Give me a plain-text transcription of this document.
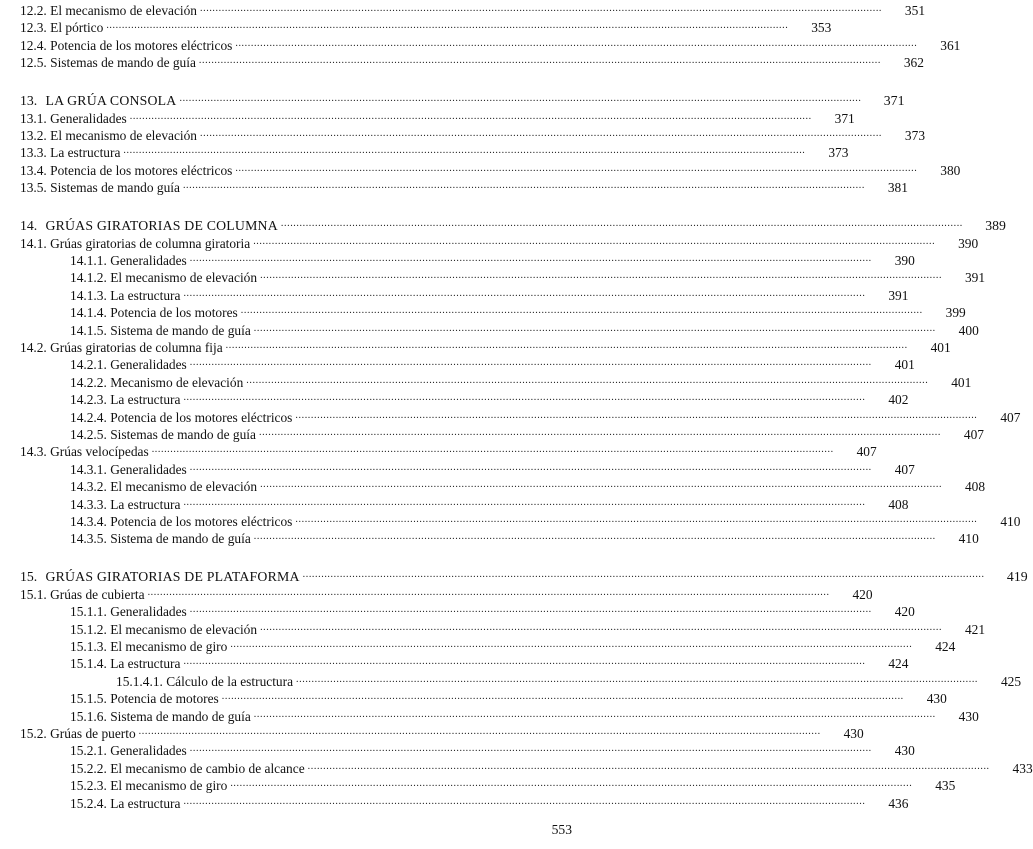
12.2. El mecanismo de elevación ............................................................................................................................................................................................................................	351
12.3. El pórtico ............................................................................................................................................................................................................................	353
12.4. Potencia de los motores eléctricos ............................................................................................................................................................................................................................	361
12.5. Sistemas de mando de guía ............................................................................................................................................................................................................................	362
13. LA GRÚA CONSOLA ............................................................................................................................................................................................................................	371
13.1. Generalidades ............................................................................................................................................................................................................................	371
13.2. El mecanismo de elevación ............................................................................................................................................................................................................................	373
13.3. La estructura ............................................................................................................................................................................................................................	373
13.4. Potencia de los motores eléctricos ............................................................................................................................................................................................................................	380
13.5. Sistemas de mando guía ............................................................................................................................................................................................................................	381
14. GRÚAS GIRATORIAS DE COLUMNA ............................................................................................................................................................................................................................	389
14.1. Grúas giratorias de columna giratoria ............................................................................................................................................................................................................................	390
14.1.1. Generalidades ............................................................................................................................................................................................................................	390
14.1.2. El mecanismo de elevación ............................................................................................................................................................................................................................	391
14.1.3. La estructura ............................................................................................................................................................................................................................	391
14.1.4. Potencia de los motores ............................................................................................................................................................................................................................	399
14.1.5. Sistema de mando de guía ............................................................................................................................................................................................................................	400
14.2. Grúas giratorias de columna fija ............................................................................................................................................................................................................................	401
14.2.1. Generalidades ............................................................................................................................................................................................................................	401
14.2.2. Mecanismo de elevación ............................................................................................................................................................................................................................	401
14.2.3. La estructura ............................................................................................................................................................................................................................	402
14.2.4. Potencia de los motores eléctricos ............................................................................................................................................................................................................................	407
14.2.5. Sistemas de mando de guía ............................................................................................................................................................................................................................	407
14.3. Grúas velocípedas ............................................................................................................................................................................................................................	407
14.3.1. Generalidades ............................................................................................................................................................................................................................	407
14.3.2. El mecanismo de elevación ............................................................................................................................................................................................................................	408
14.3.3. La estructura ............................................................................................................................................................................................................................	408
14.3.4. Potencia de los motores eléctricos ............................................................................................................................................................................................................................	410
14.3.5. Sistema de mando de guía ............................................................................................................................................................................................................................	410
15. GRÚAS GIRATORIAS DE PLATAFORMA ............................................................................................................................................................................................................................	419
15.1. Grúas de cubierta ............................................................................................................................................................................................................................	420
15.1.1. Generalidades ............................................................................................................................................................................................................................	420
15.1.2. El mecanismo de elevación ............................................................................................................................................................................................................................	421
15.1.3. El mecanismo de giro ............................................................................................................................................................................................................................	424
15.1.4. La estructura ............................................................................................................................................................................................................................	424
15.1.4.1. Cálculo de la estructura ............................................................................................................................................................................................................................	425
15.1.5. Potencia de motores ............................................................................................................................................................................................................................	430
15.1.6. Sistema de mando de guía ............................................................................................................................................................................................................................	430
15.2. Grúas de puerto ............................................................................................................................................................................................................................	430
15.2.1. Generalidades ............................................................................................................................................................................................................................	430
15.2.2. El mecanismo de cambio de alcance ............................................................................................................................................................................................................................	433
15.2.3. El mecanismo de giro ............................................................................................................................................................................................................................	435
15.2.4. La estructura ............................................................................................................................................................................................................................	436
553
